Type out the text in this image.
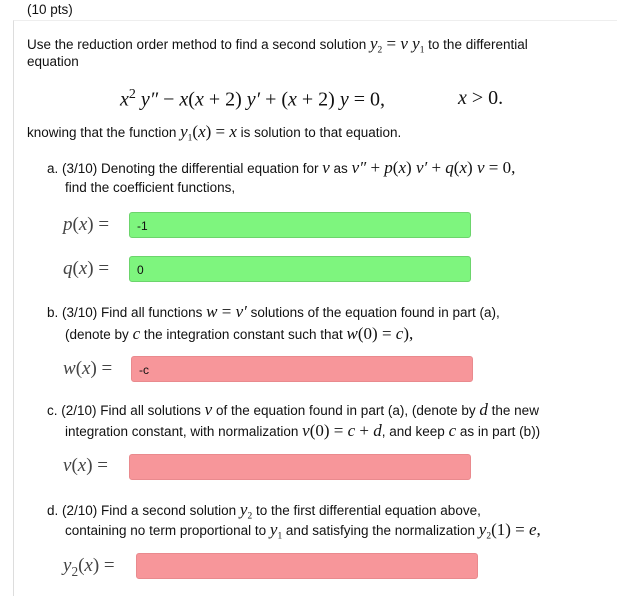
(10 pts)
Use the reduction order method to find a second solution $y_2 = v$ $y_1$ to the differential
equation
$x^2$ y″ − x(x + 2) y′ + (x + 2) y = 0,	x > 0.
knowing that the function $y_1(x) = x$ is solution to that equation.
a. (3/10) Denoting the differential equation for v as v″ + p(x) v′ + q(x) v = 0,
find the coefficient functions,
p(x) =	-1
q(x) =	0
b. (3/10) Find all functions w = v′ solutions of the equation found in part (a),
(denote by c the integration constant such that w(0) = c),
w(x) =	-c
c. (2/10) Find all solutions v of the equation found in part (a), (denote by d the new
integration constant, with normalization v(0) = c + d, and keep c as in part (b))
v(x) =
d. (2/10) Find a second solution $y_2$ to the first differential equation above,
containing no term proportional to $y_1$ and satisfying the normalization $y_2(1) = e$,
$y_2(x)$ =
